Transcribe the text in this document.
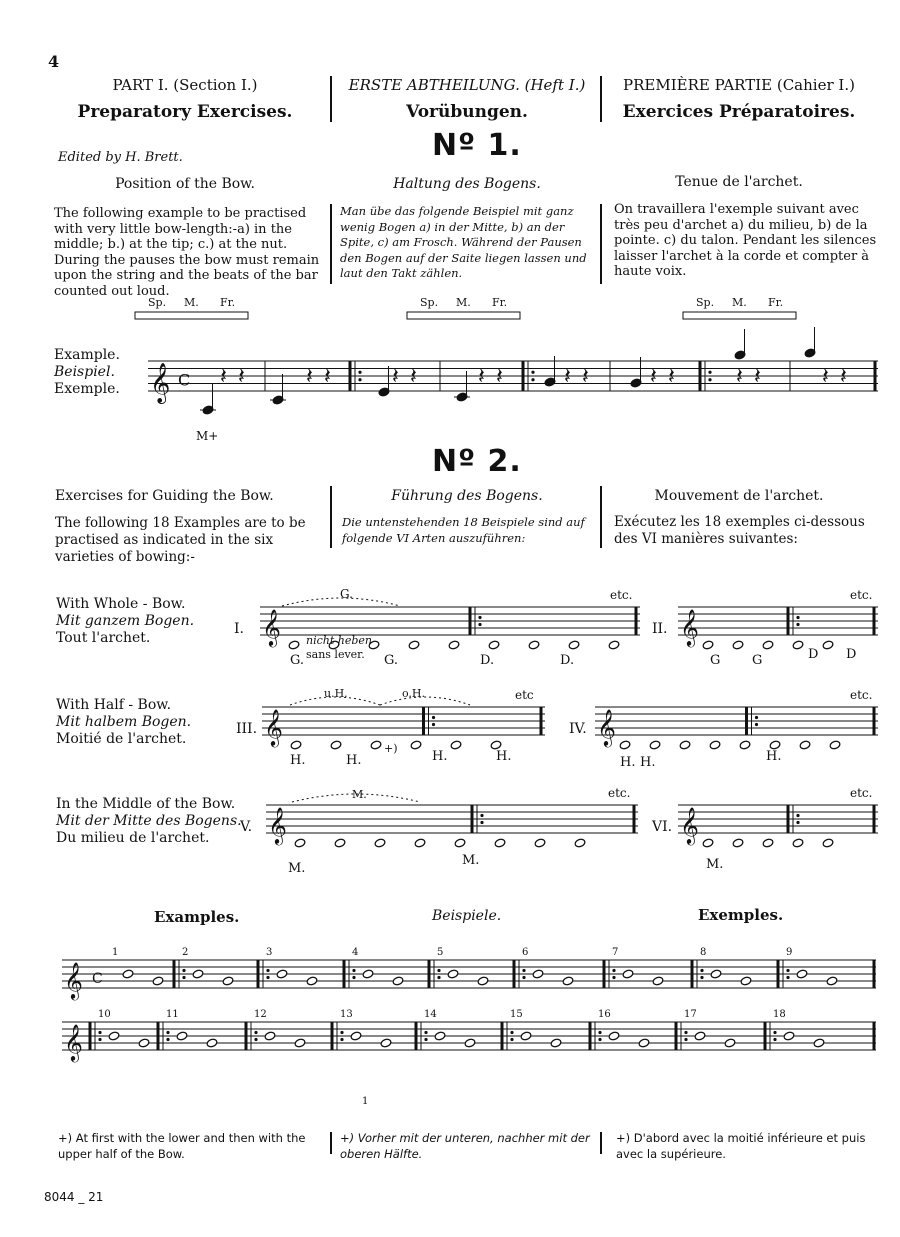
4
PART I. (Section I.)
Preparatory Exercises.
ERSTE ABTHEILUNG. (Heft I.)
Vorübungen.
PREMIÈRE PARTIE (Cahier I.)
Exercices Préparatoires.
Nº 1.
Edited by H. Brett.
Position of the Bow.	Haltung des Bogens.	Tenue de l'archet.
The following example to be practised with very little bow-length:-a) in the middle; b.) at the tip; c.) at the nut. During the pauses the bow must remain upon the string and the beats of the bar counted out loud.
Man übe das folgende Beispiel mit ganz wenig Bogen a) in der Mitte, b) an der Spite, c) am Frosch. Während der Pausen den Bogen auf der Saite liegen lassen und laut den Takt zählen.
On travaillera l'exemple suivant avec très peu d'archet a) du milieu, b) de la pointe. c) du talon. Pendant les silences laisser l'archet à la corde et compter à haute voix.
Example.
Beispiel.
Exemple.
Nº 2.
Exercises for Guiding the Bow.	Führung des Bogens.	Mouvement de l'archet.
The following 18 Examples are to be practised as indicated in the six varieties of bowing:-
Die untenstehenden 18 Beispiele sind auf folgende VI Arten auszuführen:
Exécutez les 18 exemples ci-dessous des VI manières suivantes:
With Whole - Bow.
Mit ganzem Bogen.
Tout l'archet.
With Half - Bow.
Mit halbem Bogen.
Moitié de l'archet.
In the Middle of the Bow.
Mit der Mitte des Bogens.
Du milieu de l'archet.
Examples.	Beispiele.	Exemples.
𝄞 C 𝄽 𝄽	𝄽 𝄽	𝄽 𝄽	𝄽 𝄽	𝄽 𝄽	𝄽 𝄽	𝄽 𝄽	𝄽 𝄽
Sp. M. Fr.	Sp. M. Fr.	Sp. M. Fr.
M+
𝄞	𝄞
I.	II.
etc.	etc.
𝄞	𝄞
III.	IV.
etc	etc.
𝄞	𝄞
V.	VI.
etc.	etc.
G.
G.	G.	D.	D.
nicht heben
sans lever.	G G	D D
u.H.	o.H.
H.	H.
+)
H.	H.	H. H.	H.
M.
M.
M.	M.
𝄞 C
𝄞
1	2	3	4	5	6	7	8	9
10	11	12	13	14	15	16	17	18
1
+) At first with the lower and then with the upper half of the Bow.
+) Vorher mit der unteren, nachher mit der oberen Hälfte.
+) D'abord avec la moitié inférieure et puis avec la supérieure.
8044 _ 21
